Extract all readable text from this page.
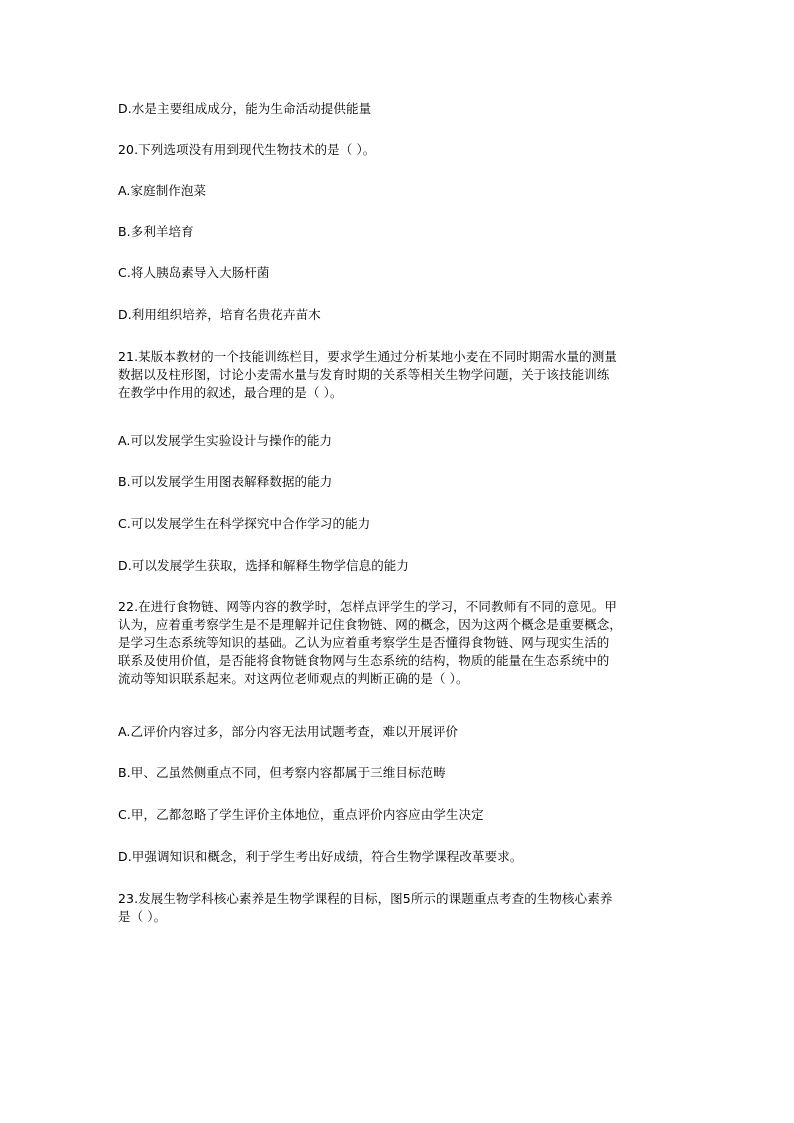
D.水是主要组成成分，能为生命活动提供能量
20.下列选项没有用到现代生物技术的是（ ）。
A.家庭制作泡菜
B.多利羊培育
C.将人胰岛素导入大肠杆菌
D.利用组织培养，培育名贵花卉苗木
21.某版本教材的一个技能训练栏目，要求学生通过分析某地小麦在不同时期需水量的测量
数据以及柱形图，讨论小麦需水量与发育时期的关系等相关生物学问题，关于该技能训练
在教学中作用的叙述，最合理的是（ ）。
A.可以发展学生实验设计与操作的能力
B.可以发展学生用图表解释数据的能力
C.可以发展学生在科学探究中合作学习的能力
D.可以发展学生获取，选择和解释生物学信息的能力
22.在进行食物链、网等内容的教学时，怎样点评学生的学习，不同教师有不同的意见。甲
认为，应着重考察学生是不是理解并记住食物链、网的概念，因为这两个概念是重要概念，
是学习生态系统等知识的基础。乙认为应着重考察学生是否懂得食物链、网与现实生活的
联系及使用价值，是否能将食物链食物网与生态系统的结构，物质的能量在生态系统中的
流动等知识联系起来。对这两位老师观点的判断正确的是（ ）。
A.乙评价内容过多，部分内容无法用试题考查，难以开展评价
B.甲、乙虽然侧重点不同，但考察内容都属于三维目标范畴
C.甲，乙都忽略了学生评价主体地位，重点评价内容应由学生决定
D.甲强调知识和概念，利于学生考出好成绩，符合生物学课程改革要求。
23.发展生物学科核心素养是生物学课程的目标，图5所示的课题重点考查的生物核心素养
是（ ）。
